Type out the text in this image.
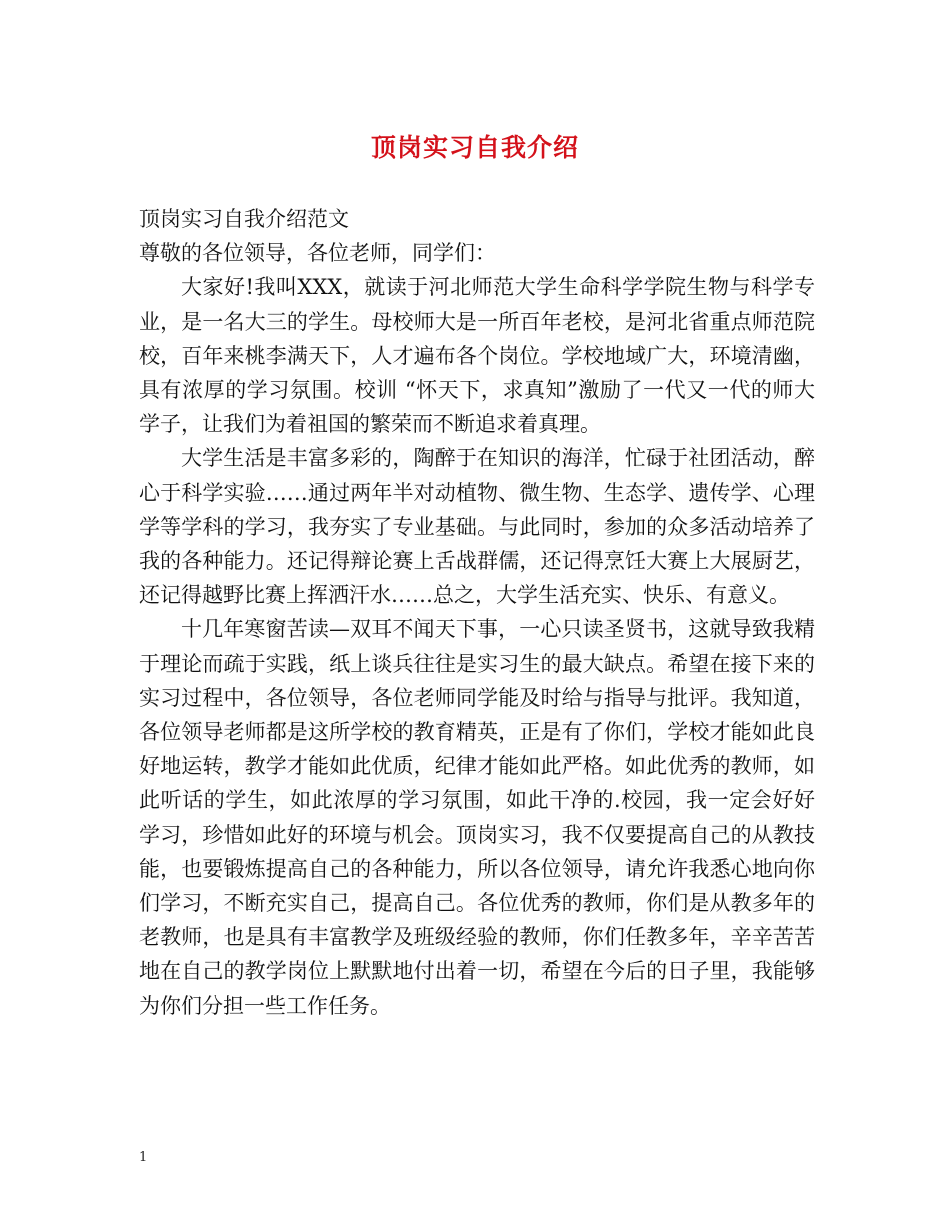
顶岗实习自我介绍

顶岗实习自我介绍范文

尊敬的各位领导，各位老师，同学们：

大家好!我叫XXX，就读于河北师范大学生命科学学院生物与科学专业，是一名大三的学生。母校师大是一所百年老校，是河北省重点师范院校，百年来桃李满天下，人才遍布各个岗位。学校地域广大，环境清幽，具有浓厚的学习氛围。校训 “怀天下，求真知”激励了一代又一代的师大学子，让我们为着祖国的繁荣而不断追求着真理。

大学生活是丰富多彩的，陶醉于在知识的海洋，忙碌于社团活动，醉心于科学实验……通过两年半对动植物、微生物、生态学、遗传学、心理学等学科的学习，我夯实了专业基础。与此同时，参加的众多活动培养了我的各种能力。还记得辩论赛上舌战群儒，还记得烹饪大赛上大展厨艺，还记得越野比赛上挥洒汗水……总之，大学生活充实、快乐、有意义。

十几年寒窗苦读—双耳不闻天下事，一心只读圣贤书，这就导致我精于理论而疏于实践，纸上谈兵往往是实习生的最大缺点。希望在接下来的实习过程中，各位领导，各位老师同学能及时给与指导与批评。我知道，各位领导老师都是这所学校的教育精英，正是有了你们，学校才能如此良好地运转，教学才能如此优质，纪律才能如此严格。如此优秀的教师，如此听话的学生，如此浓厚的学习氛围，如此干净的.校园，我一定会好好学习，珍惜如此好的环境与机会。顶岗实习，我不仅要提高自己的从教技能，也要锻炼提高自己的各种能力，所以各位领导，请允许我悉心地向你们学习，不断充实自己，提高自己。各位优秀的教师，你们是从教多年的老教师，也是具有丰富教学及班级经验的教师，你们任教多年，辛辛苦苦地在自己的教学岗位上默默地付出着一切，希望在今后的日子里，我能够为你们分担一些工作任务。

1
